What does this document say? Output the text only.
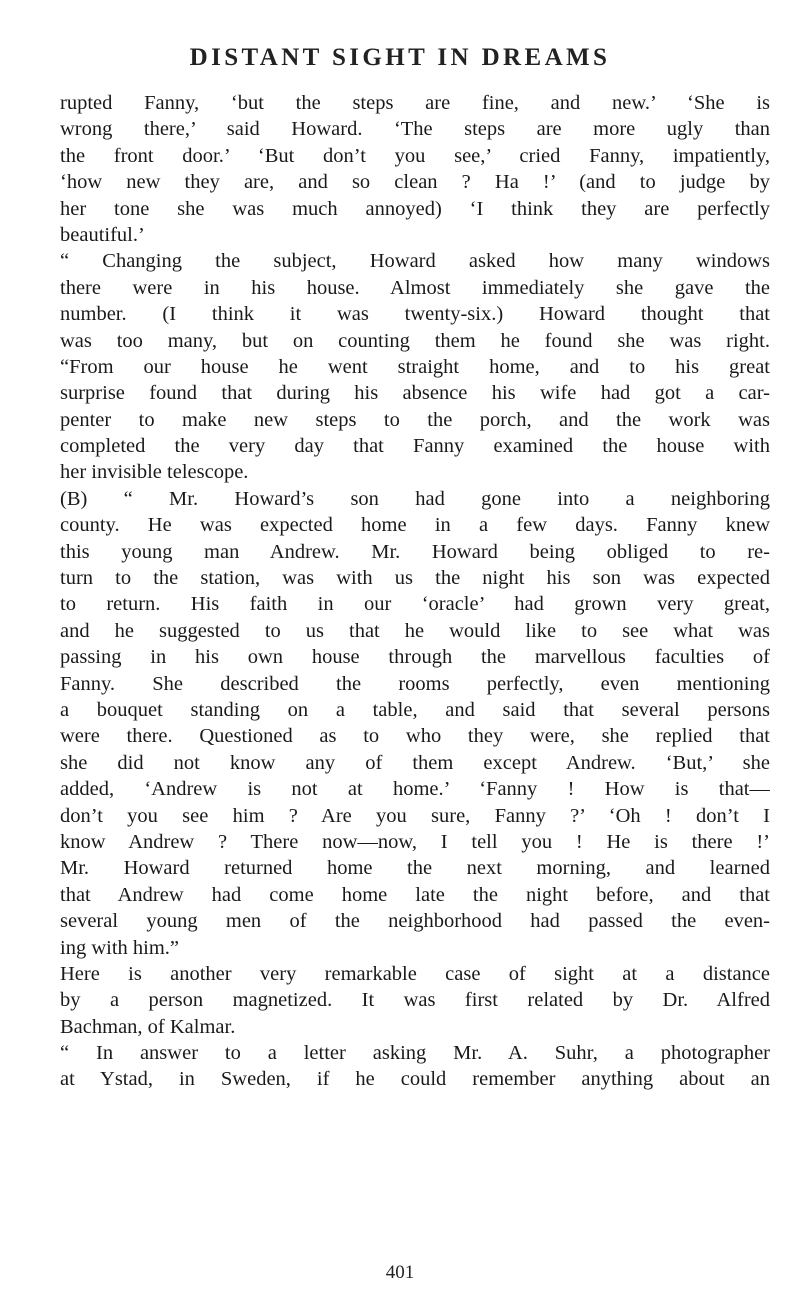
DISTANT SIGHT IN DREAMS
rupted Fanny, ‘but the steps are fine, and new.’ ‘She is
wrong there,’ said Howard. ‘The steps are more ugly than
the front door.’ ‘But don’t you see,’ cried Fanny, impatiently,
‘how new they are, and so clean ? Ha !’ (and to judge by
her tone she was much annoyed) ‘I think they are perfectly
beautiful.’
“ Changing the subject, Howard asked how many windows
there were in his house. Almost immediately she gave the
number. (I think it was twenty-six.) Howard thought that
was too many, but on counting them he found she was right.
“From our house he went straight home, and to his great
surprise found that during his absence his wife had got a car-
penter to make new steps to the porch, and the work was
completed the very day that Fanny examined the house with
her invisible telescope.
(B) “ Mr. Howard’s son had gone into a neighboring
county. He was expected home in a few days. Fanny knew
this young man Andrew. Mr. Howard being obliged to re-
turn to the station, was with us the night his son was expected
to return. His faith in our ‘oracle’ had grown very great,
and he suggested to us that he would like to see what was
passing in his own house through the marvellous faculties of
Fanny. She described the rooms perfectly, even mentioning
a bouquet standing on a table, and said that several persons
were there. Questioned as to who they were, she replied that
she did not know any of them except Andrew. ‘But,’ she
added, ‘Andrew is not at home.’ ‘Fanny ! How is that—
don’t you see him ? Are you sure, Fanny ?’ ‘Oh ! don’t I
know Andrew ? There now—now, I tell you ! He is there !’
Mr. Howard returned home the next morning, and learned
that Andrew had come home late the night before, and that
several young men of the neighborhood had passed the even-
ing with him.”
Here is another very remarkable case of sight at a distance
by a person magnetized. It was first related by Dr. Alfred
Bachman, of Kalmar.
“ In answer to a letter asking Mr. A. Suhr, a photographer
at Ystad, in Sweden, if he could remember anything about an
401
